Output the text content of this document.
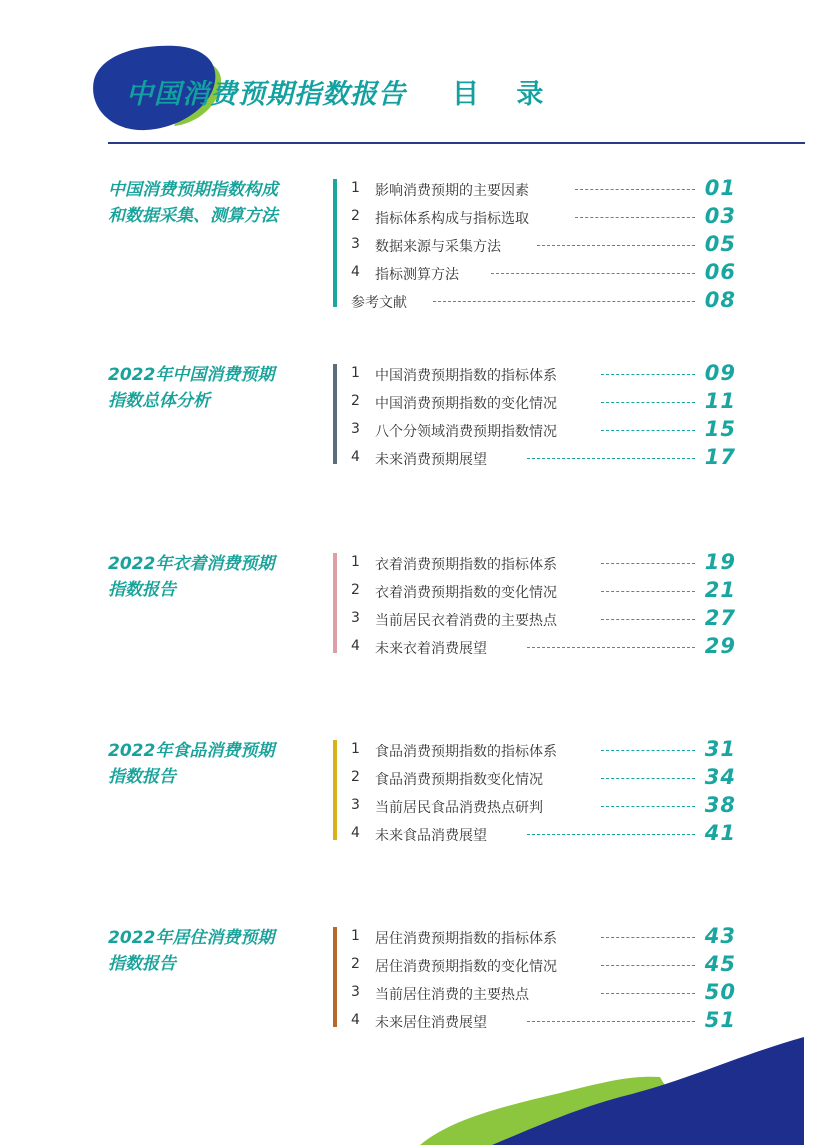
中国消费预期指数报告 目 录
中国消费预期指数构成
和数据采集、测算方法
1 影响消费预期的主要因素	01
2 指标体系构成与指标选取	03
3 数据来源与采集方法	05
4 指标测算方法	06
参考文献	08
2022年中国消费预期
指数总体分析
1 中国消费预期指数的指标体系	09
2 中国消费预期指数的变化情况	11
3 八个分领域消费预期指数情况	15
4 未来消费预期展望	17
2022年衣着消费预期
指数报告
1 衣着消费预期指数的指标体系	19
2 衣着消费预期指数的变化情况	21
3 当前居民衣着消费的主要热点	27
4 未来衣着消费展望	29
2022年食品消费预期
指数报告
1 食品消费预期指数的指标体系	31
2 食品消费预期指数变化情况	34
3 当前居民食品消费热点研判	38
4 未来食品消费展望	41
2022年居住消费预期
指数报告
1 居住消费预期指数的指标体系	43
2 居住消费预期指数的变化情况	45
3 当前居住消费的主要热点	50
4 未来居住消费展望	51
